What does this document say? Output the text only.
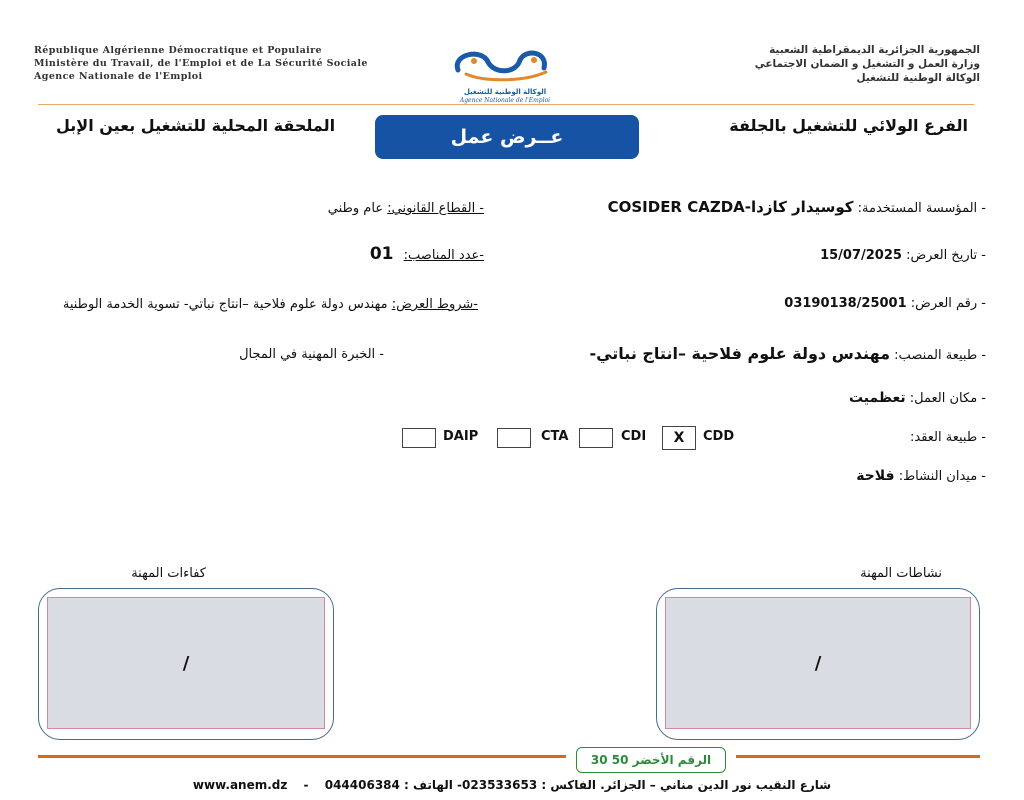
République Algérienne Démocratique et Populaire
Ministère du Travail, de l'Emploi et de La Sécurité Sociale
Agence Nationale de l'Emploi
الوكالة الوطنية للتشغيل
Agence Nationale de l'Emploi
الجمهورية الجزائرية الديمقراطية الشعبية
وزارة العمل و التشغيل و الضمان الاجتماعي
الوكالة الوطنية للتشغيل
الفرع الولائي للتشغيل بالجلفة
الملحقة المحلية للتشغيل بعين الإبل
عــرض عمل
- المؤسسة المستخدمة: كوسيدار كازدا-COSIDER CAZDA
- تاريخ العرض: 15/07/2025
- رقم العرض: 03190138/25001
- طبيعة المنصب: مهندس دولة علوم فلاحية –انتاج نباتي-
- مكان العمل: تعظميت
- طبيعة العقد:
CDD
X
CDI
CTA
DAIP
- ميدان النشاط: فلاحة
- القطاع القانوني: عام وطني
-عدد المناصب: 01
-شروط العرض: مهندس دولة علوم فلاحية –انتاج نباتي- تسوية الخدمة الوطنية
- الخبرة المهنية في المجال
نشاطات المهنة
/
كفاءات المهنة
/
الرقم الأخضر 50 30
www.anem.dz - شارع النقيب نور الدين مناني – الجزائر. الفاكس : 023533653- الهاتف : 044406384
